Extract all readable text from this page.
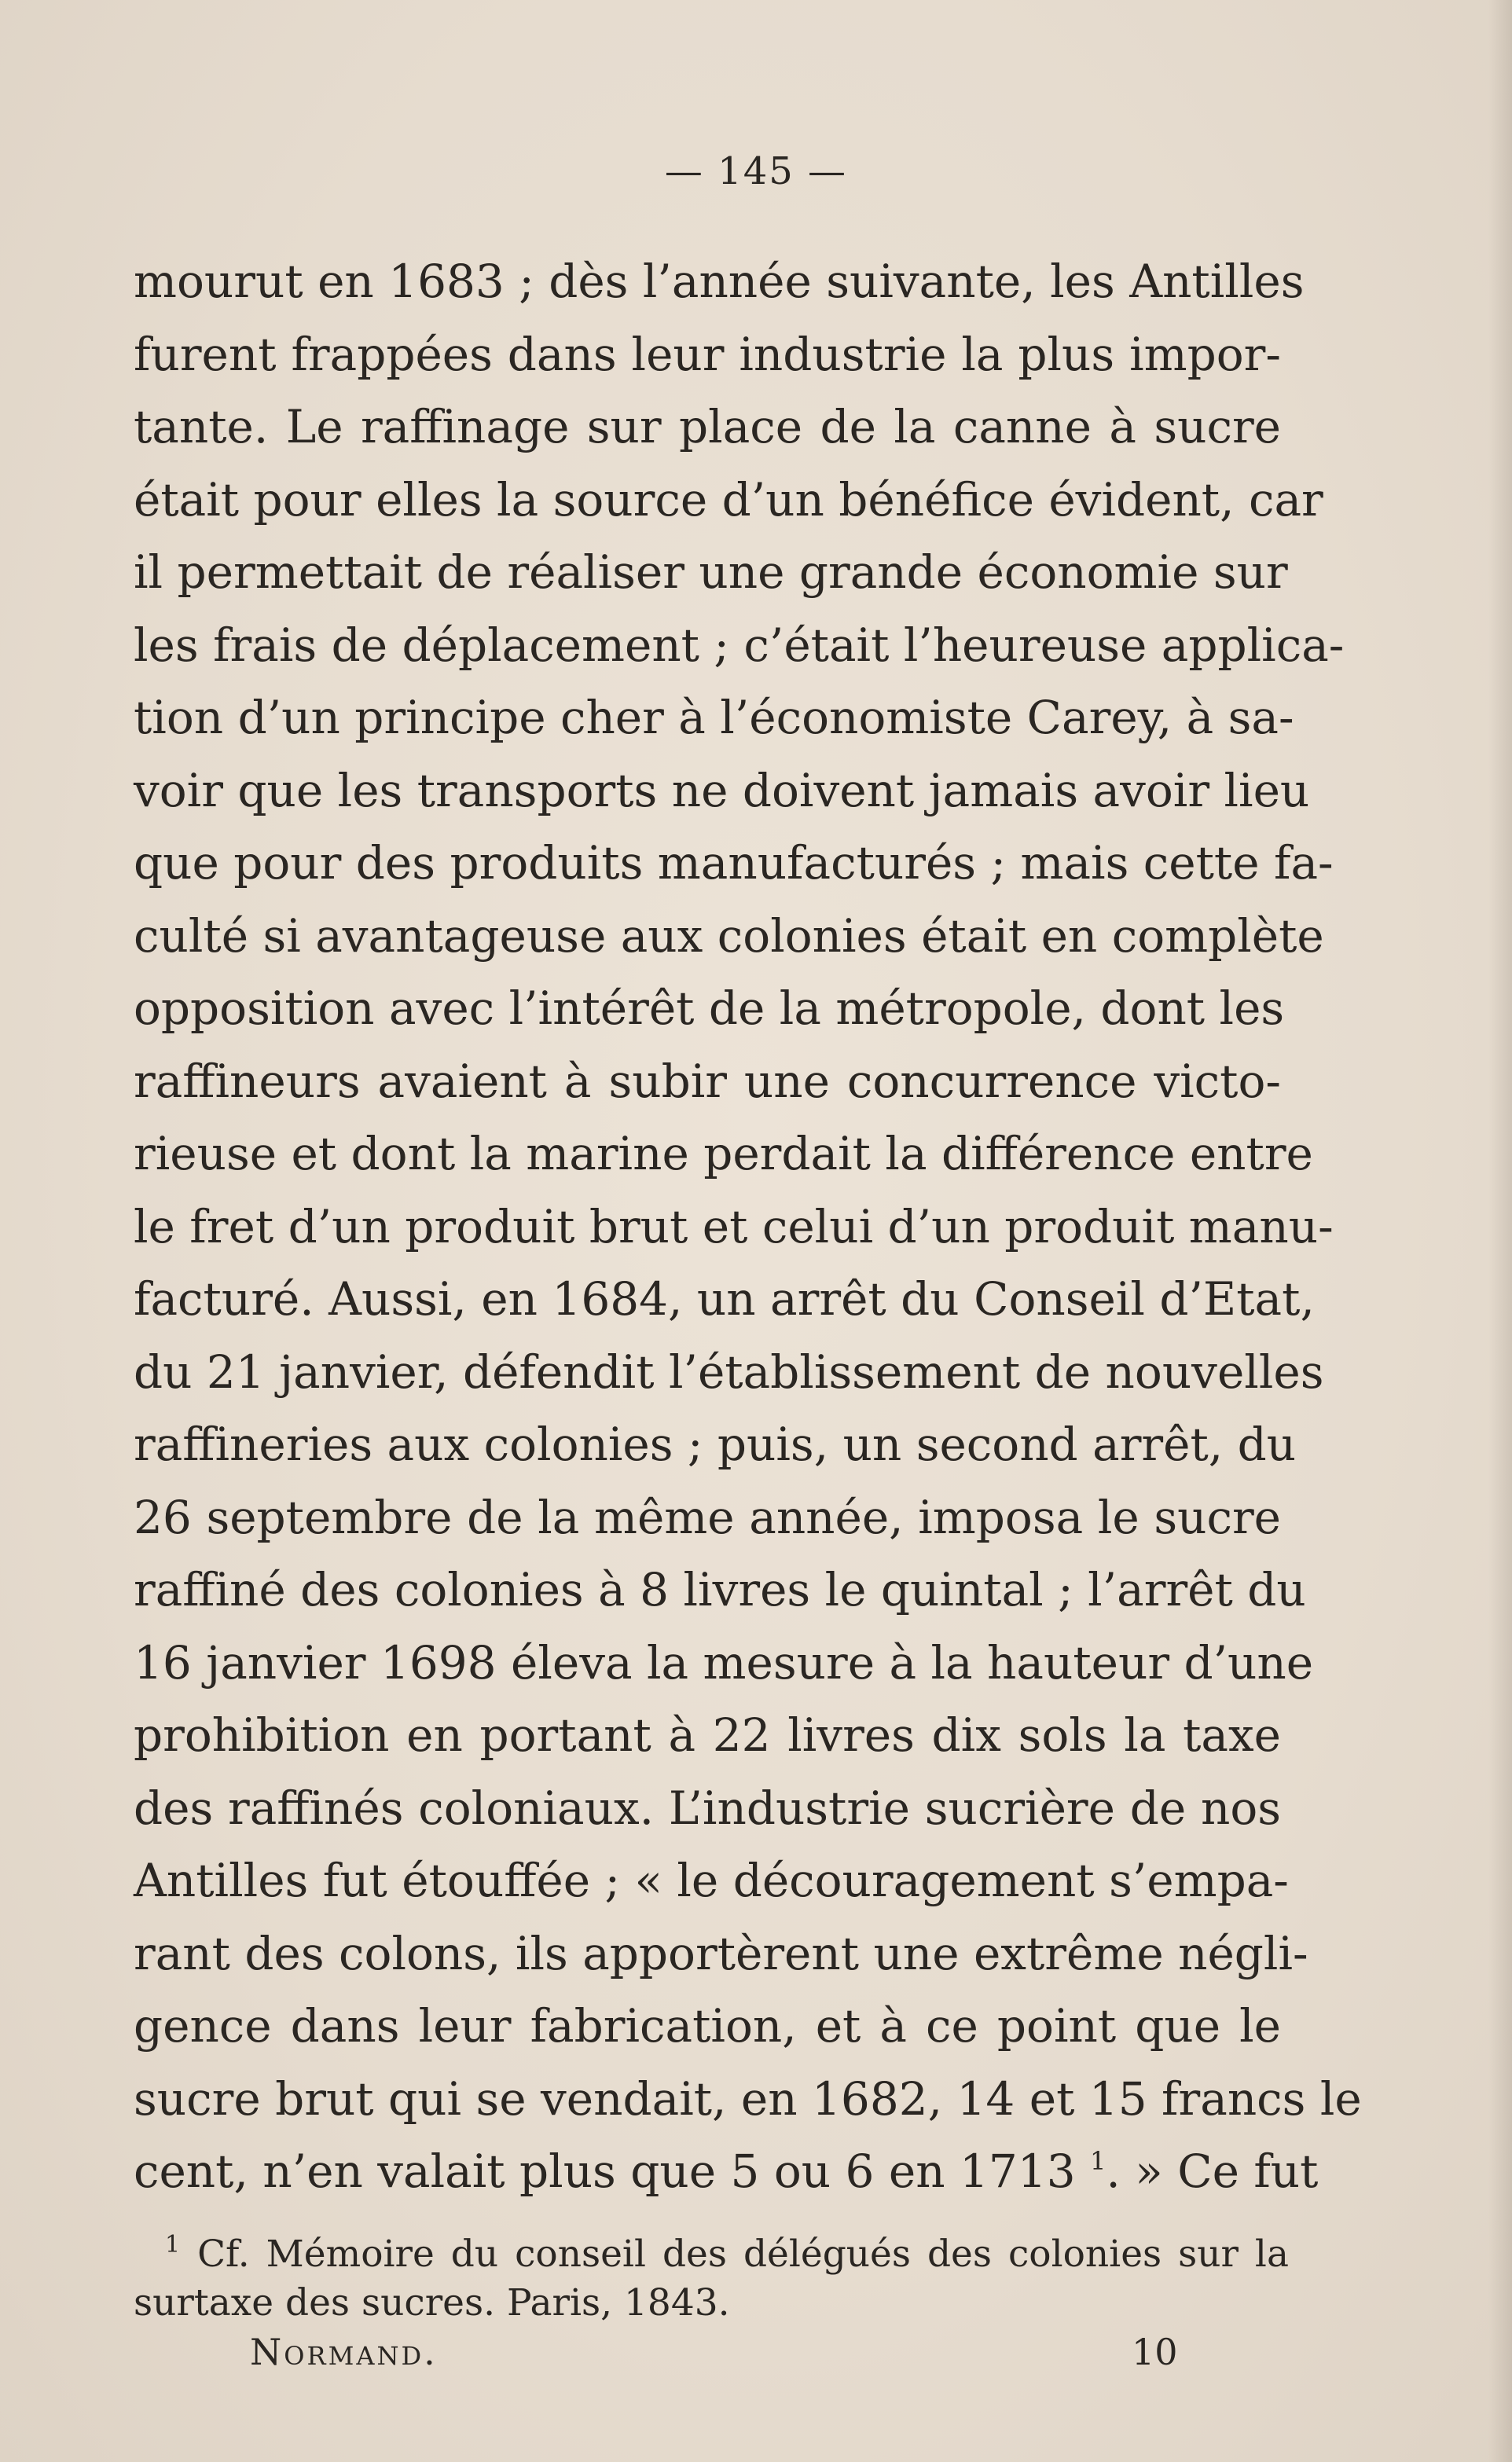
— 145 —
mourut en 1683 ; dès l’année suivante, les Antilles
furent frappées dans leur industrie la plus impor-
tante. Le raffinage sur place de la canne à sucre
était pour elles la source d’un bénéfice évident, car
il permettait de réaliser une grande économie sur
les frais de déplacement ; c’était l’heureuse applica-
tion d’un principe cher à l’économiste Carey, à sa-
voir que les transports ne doivent jamais avoir lieu
que pour des produits manufacturés ; mais cette fa-
culté si avantageuse aux colonies était en complète
opposition avec l’intérêt de la métropole, dont les
raffineurs avaient à subir une concurrence victo-
rieuse et dont la marine perdait la différence entre
le fret d’un produit brut et celui d’un produit manu-
facturé. Aussi, en 1684, un arrêt du Conseil d’Etat,
du 21 janvier, défendit l’établissement de nouvelles
raffineries aux colonies ; puis, un second arrêt, du
26 septembre de la même année, imposa le sucre
raffiné des colonies à 8 livres le quintal ; l’arrêt du
16 janvier 1698 éleva la mesure à la hauteur d’une
prohibition en portant à 22 livres dix sols la taxe
des raffinés coloniaux. L’industrie sucrière de nos
Antilles fut étouffée ; « le découragement s’empa-
rant des colons, ils apportèrent une extrême négli-
gence dans leur fabrication, et à ce point que le
sucre brut qui se vendait, en 1682, 14 et 15 francs le
cent, n’en valait plus que 5 ou 6 en 1713 $^1$. » Ce fut
$^1$ Cf. Mémoire du conseil des délégués des colonies sur la
surtaxe des sucres. Paris, 1843.
Normand.	10
